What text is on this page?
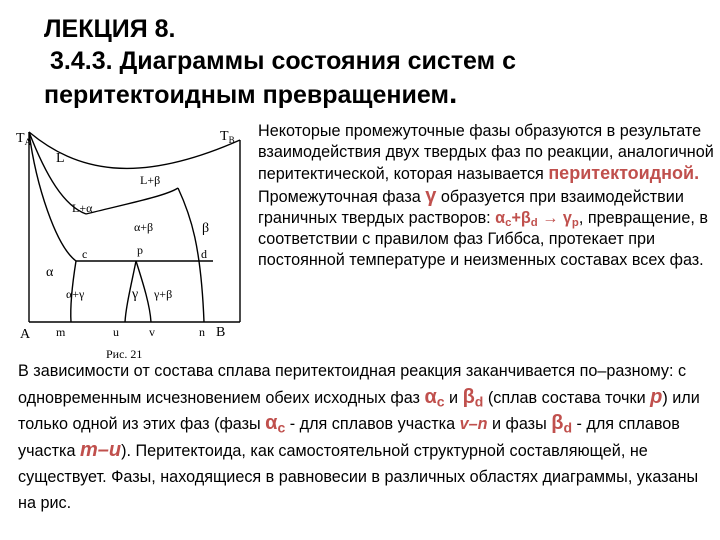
ЛЕКЦИЯ 8.
3.4.3. Диаграммы состояния систем с
перитектоидным превращением.
$T_A$	$T_B$
L
L+β
L+α
α+β	β
α
c	p	d
α+γ	γ γ+β
A m	u	v	n B
Рис. 21

Некоторые промежуточные фазы образуются в результате взаимодействия двух твердых фаз по реакции, аналогичной перитектической, которая называется перитектоидной.

Промежуточная фаза γ образуется при взаимодействии граничных твердых растворов: $\alpha_c+\beta_d \to \gamma_p$, превращение, в соответствии с правилом фаз Гиббса, протекает при постоянной температуре и неизменных составах всех фаз.

В зависимости от состава сплава перитектоидная реакция заканчивается по–разному: с одновременным исчезновением обеих исходных фаз $\alpha_c$ и $\beta_d$ (сплав состава точки p) или только одной из этих фаз (фазы $\alpha_c$ - для сплавов участка v–n и фазы $\beta_d$ - для сплавов участка m–u). Перитектоида, как самостоятельной структурной составляющей, не существует. Фазы, находящиеся в равновесии в различных областях диаграммы, указаны на рис.
